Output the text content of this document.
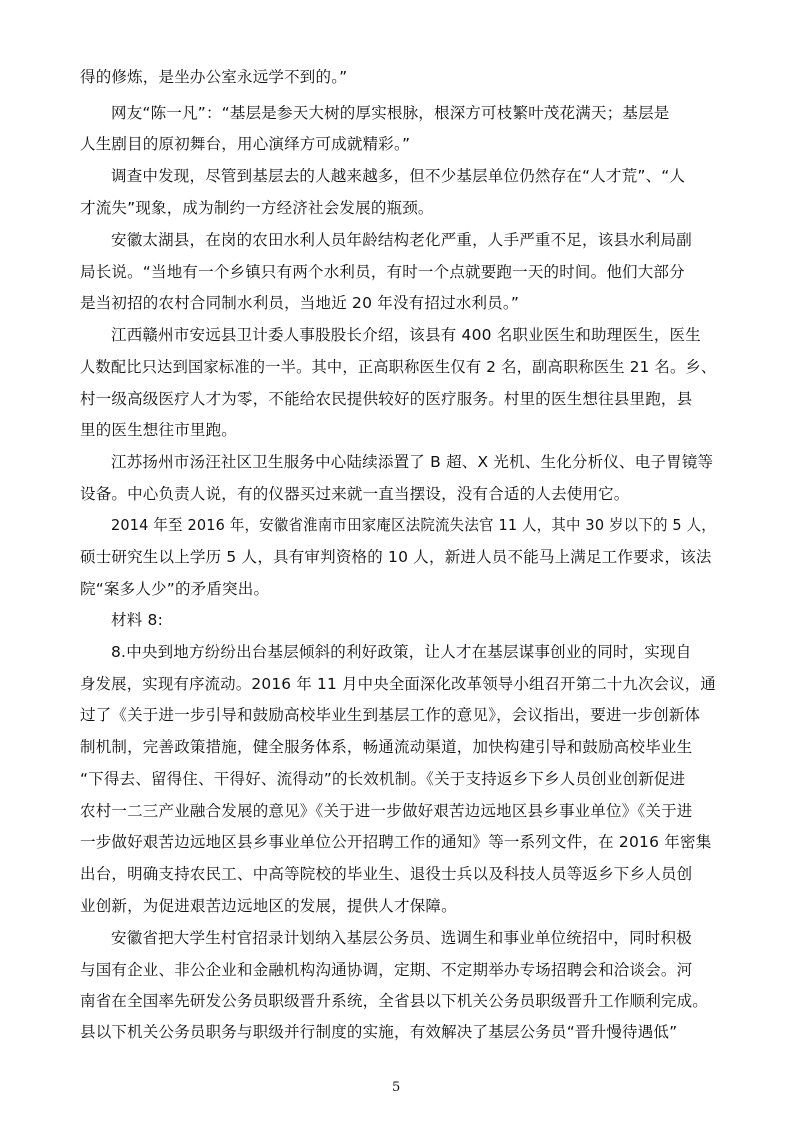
得的修炼，是坐办公室永远学不到的。”
网友“陈一凡”：“基层是参天大树的厚实根脉，根深方可枝繁叶茂花满天；基层是
人生剧目的原初舞台，用心演绎方可成就精彩。”
调查中发现，尽管到基层去的人越来越多，但不少基层单位仍然存在“人才荒”、“人
才流失”现象，成为制约一方经济社会发展的瓶颈。
安徽太湖县，在岗的农田水利人员年龄结构老化严重，人手严重不足，该县水利局副
局长说。“当地有一个乡镇只有两个水利员，有时一个点就要跑一天的时间。他们大部分
是当初招的农村合同制水利员，当地近 20 年没有招过水利员。”
江西赣州市安远县卫计委人事股股长介绍，该县有 400 名职业医生和助理医生，医生
人数配比只达到国家标准的一半。其中，正高职称医生仅有 2 名，副高职称医生 21 名。乡、
村一级高级医疗人才为零，不能给农民提供较好的医疗服务。村里的医生想往县里跑，县
里的医生想往市里跑。
江苏扬州市汤汪社区卫生服务中心陆续添置了 B 超、X 光机、生化分析仪、电子胃镜等
设备。中心负责人说，有的仪器买过来就一直当摆设，没有合适的人去使用它。
2014 年至 2016 年，安徽省淮南市田家庵区法院流失法官 11 人，其中 30 岁以下的 5 人，
硕士研究生以上学历 5 人，具有审判资格的 10 人，新进人员不能马上满足工作要求，该法
院“案多人少”的矛盾突出。
材料 8:
8.中央到地方纷纷出台基层倾斜的利好政策，让人才在基层谋事创业的同时，实现自
身发展，实现有序流动。2016 年 11 月中央全面深化改革领导小组召开第二十九次会议，通
过了《关于进一步引导和鼓励高校毕业生到基层工作的意见》，会议指出，要进一步创新体
制机制，完善政策措施，健全服务体系，畅通流动渠道，加快构建引导和鼓励高校毕业生
“下得去、留得住、干得好、流得动”的长效机制。《关于支持返乡下乡人员创业创新促进
农村一二三产业融合发展的意见》《关于进一步做好艰苦边远地区县乡事业单位》《关于进
一步做好艰苦边远地区县乡事业单位公开招聘工作的通知》等一系列文件，在 2016 年密集
出台，明确支持农民工、中高等院校的毕业生、退役士兵以及科技人员等返乡下乡人员创
业创新，为促进艰苦边远地区的发展，提供人才保障。
安徽省把大学生村官招录计划纳入基层公务员、选调生和事业单位统招中，同时积极
与国有企业、非公企业和金融机构沟通协调，定期、不定期举办专场招聘会和洽谈会。河
南省在全国率先研发公务员职级晋升系统，全省县以下机关公务员职级晋升工作顺利完成。
县以下机关公务员职务与职级并行制度的实施，有效解决了基层公务员“晋升慢待遇低”
5
